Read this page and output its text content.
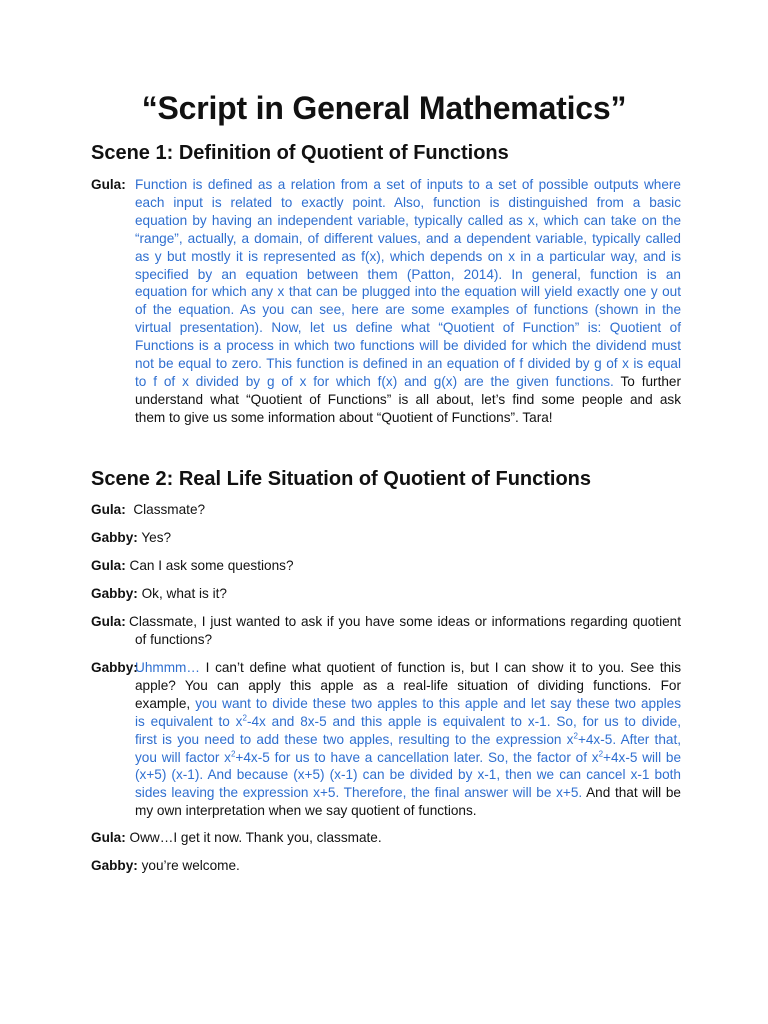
“Script in General Mathematics”
Scene 1: Definition of Quotient of Functions
Gula: Function is defined as a relation from a set of inputs to a set of possible outputs where
each input is related to exactly point. Also, function is distinguished from a basic
equation by having an independent variable, typically called as x, which can take on the
“range”, actually, a domain, of different values, and a dependent variable, typically called
as y but mostly it is represented as f(x), which depends on x in a particular way, and is
specified by an equation between them (Patton, 2014). In general, function is an
equation for which any x that can be plugged into the equation will yield exactly one y out
of the equation. As you can see, here are some examples of functions (shown in the
virtual presentation). Now, let us define what “Quotient of Function” is: Quotient of
Functions is a process in which two functions will be divided for which the dividend must
not be equal to zero. This function is defined in an equation of f divided by g of x is equal
to f of x divided by g of x for which f(x) and g(x) are the given functions. To further
understand what “Quotient of Functions” is all about, let’s find some people and ask
them to give us some information about “Quotient of Functions”. Tara!
Scene 2: Real Life Situation of Quotient of Functions
Gula: Classmate?
Gabby: Yes?
Gula: Can I ask some questions?
Gabby: Ok, what is it?
Gula: Classmate, I just wanted to ask if you have some ideas or informations regarding quotient
of functions?
Gabby:
Uhmmm… I can’t define what quotient of function is, but I can show it to you. See this
apple? You can apply this apple as a real-life situation of dividing functions. For
example, you want to divide these two apples to this apple and let say these two apples
is equivalent to $x^2-4x$ and 8x-5 and this apple is equivalent to x-1. So, for us to divide,
first is you need to add these two apples, resulting to the expression $x^2+4x-5$. After that,
you will factor $x^2+4x-5$ for us to have a cancellation later. So, the factor of $x^2+4x-5$ will be
(x+5) (x-1). And because (x+5) (x-1) can be divided by x-1, then we can cancel x-1 both
sides leaving the expression x+5. Therefore, the final answer will be x+5. And that will be
my own interpretation when we say quotient of functions.
Gula: Oww…I get it now. Thank you, classmate.
Gabby: you’re welcome.
